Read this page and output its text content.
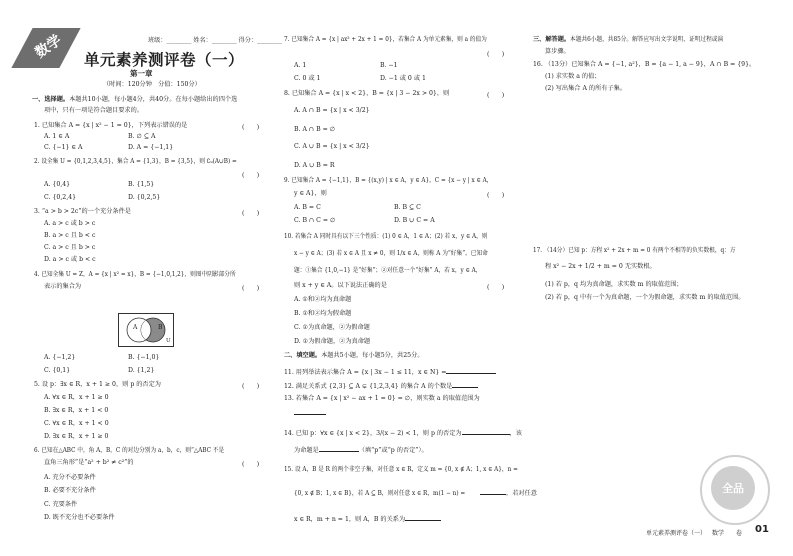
班级：________ 姓名：________ 得分：________
数学 单元素养测评卷（一）
第一章
（时间：120分钟　分值：150分）
一、选择题。本题共10小题，每小题4分，共40分。在每小题给出的四个选
项中，只有一项是符合题目要求的。
1. 已知集合 A = {x | x² − 1 = 0}，下列表示错误的是	(　　)
A. 1 ∈ A	B. ∅ ⊆ A
C. {−1} ∈ A	D. A = {−1,1}
2. 设全集 U = {0,1,2,3,4,5}，集合 A = {1,3}，B = {3,5}，则 ∁ᵤ(A∪B) =
(　　)
A. {0,4}	B. {1,5}
C. {0,2,4}	D. {0,2,5}
3. “a > b > 2c”的一个充分条件是	(　　)
A. a > c 或 b > c
B. a > c 且 b < c
C. a > c 且 b > c
D. a > c 或 b < c
4. 已知全集 U = Z，A = {x | x² = x}，B = {−1,0,1,2}，则图中阴影部分所
表示的集合为	(　　)
A	B
U
A. {−1,2}	B. {−1,0}
C. {0,1}	D. {1,2}
5. 设 p：∃x ∈ R，x + 1 ≥ 0，则 p 的否定为	(　　)
A. ∀x ∈ R，x + 1 ≥ 0
B. ∃x ∈ R，x + 1 < 0
C. ∀x ∈ R，x + 1 < 0
D. ∃x ∈ R，x + 1 ≥ 0
6. 已知在△ABC 中，角 A，B，C 的对边分别为 a，b，c，则“△ABC 不是
直角三角形”是“a² + b² ≠ c²”的	(　　)
A. 充分不必要条件
B. 必要不充分条件
C. 充要条件
D. 既不充分也不必要条件
7. 已知集合 A = {x | ax² + 2x + 1 = 0}，若集合 A 为单元素集，则 a 的值为
(　　)
A. 1	B. −1
C. 0 或 1	D. −1 或 0 或 1
8. 已知集合 A = {x | x < 2}，B = {x | 3 − 2x > 0}，则	(　　)
A. A ∩ B = {x | x < 3/2}
B. A ∩ B = ∅
C. A ∪ B = {x | x < 3/2}
D. A ∪ B = R
9. 已知集合 A = {−1,1}，B = {(x,y) | x ∈ A，y ∈ A}，C = {x − y | x ∈ A，
y ∈ A}，则	(　　)
A. B = C	B. B ⊆ C
C. B ∩ C = ∅	D. B ∪ C = A
10. 若集合 A 同时具有以下三个性质：(1) 0 ∈ A，1 ∈ A；(2) 若 x，y ∈ A，则
x − y ∈ A；(3) 若 x ∈ A 且 x ≠ 0，则 1/x ∈ A，则称 A 为“好集”。已知命
题：①集合 {1,0,−1} 是“好集”；②对任意一个“好集” A，若 x，y ∈ A，
则 x + y ∈ A。以下说法正确的是	(　　)
A. ①和②均为真命题
B. ①和②均为假命题
C. ①为真命题，②为假命题
D. ①为假命题，②为真命题
二、填空题。本题共5小题，每小题5分，共25分。
11. 用列举法表示集合 A = {x | 3x − 1 ≤ 11，x ∈ N} =
12. 满足关系式 {2,3} ⊆ A ⊊ {1,2,3,4} 的集合 A 的个数是
13. 若集合 A = {x | x² − ax + 1 = 0} = ∅，则实数 a 的取值范围为
14. 已知 p：∀x ∈ {x | x < 2}，3/(x − 2) < 1，则 p 的否定为	，该
为命题是	（填“p”或“p 的否定”）。
15. 设 A，B 是 R 的两个非空子集，对任意 x ∈ R，定义 m = {0, x ∉ A；1, x ∈ A}，n =
{0, x ∉ B；1, x ∈ B}，若 A ⊆ B，则对任意 x ∈ R，m(1 − n) =	，若对任意
x ∈ R，m + n = 1，则 A，B 的关系为
三、解答题。本题共6小题，共85分。解答应写出文字说明、证明过程或演
算步骤。
16. （13分）已知集合 A = {−1, a²}，B = {a − 1, a − 9}，A ∩ B = {9}。
(1) 求实数 a 的值；
(2) 写出集合 A 的所有子集。
17. （14分）已知 p：方程 x² + 2x + m = 0 有两个不相等的负实数根，q：方
程 x² − 2x + 1/2 + m = 0 无实数根。
(1) 若 p，q 均为真命题，求实数 m 的取值范围；
(2) 若 p，q 中有一个为真命题，一个为假命题，求实数 m 的取值范围。
全品
单元素养测评卷（一） 数学 卷 01
